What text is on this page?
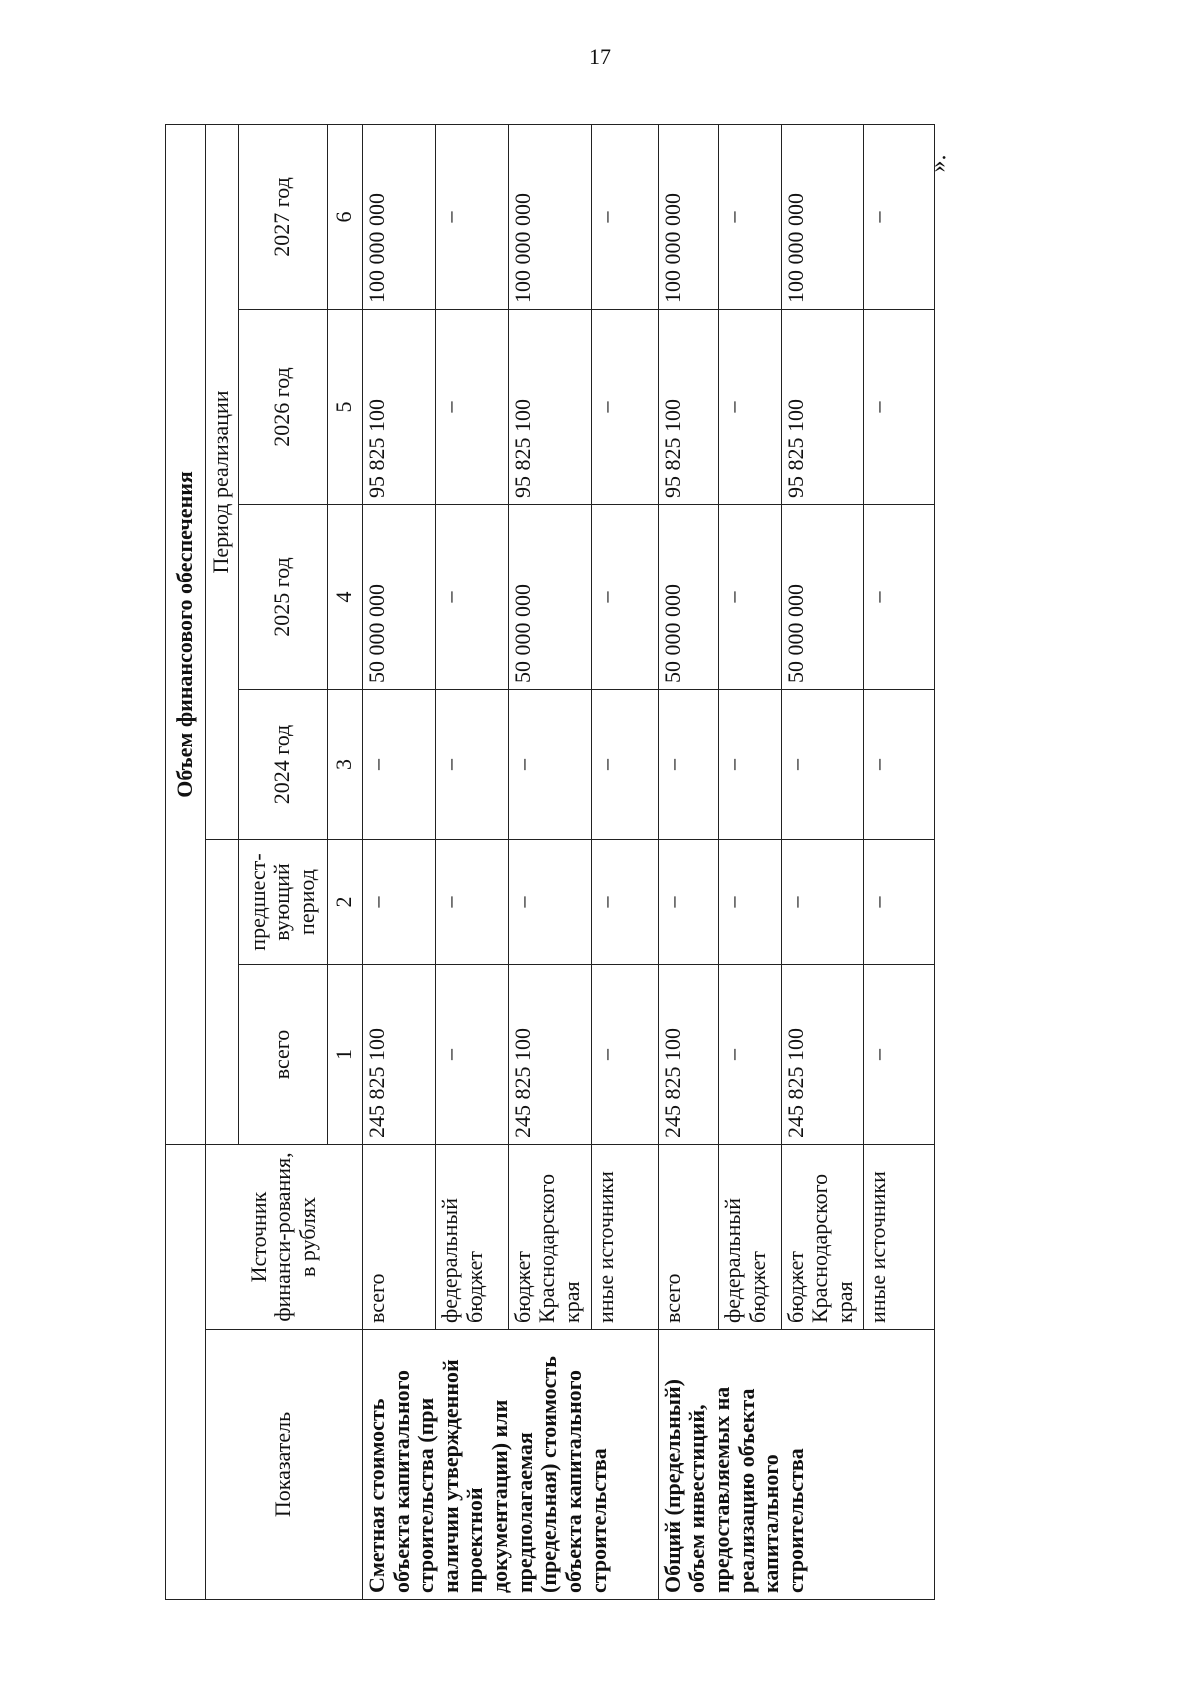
17
».
		Объем финансового обеспечения						
Показатель	Источник финанси-рования, в рублях			Период реализации				
		всего	предшест-вующий период	2024 год	2025 год	2026 год	2027 год	
		1	2	3	4	5	6		
Сметная стоимость объекта капитального строительства (при наличии утвержденной проектной документации) или предполагаемая (предельная) стоимость объекта капитального строительства	всего	245 825 100	–	–	50 000 000	95 825 100	100 000 000	
	федеральный бюджет	–	–	–	–	–	–	
	бюджет Краснодарского края	245 825 100	–	–	50 000 000	95 825 100	100 000 000	
	иные источники	–	–	–	–	–	–	
Общий (предельный) объем инвестиций, предоставляемых на реализацию объекта капитального строительства	всего	245 825 100	–	–	50 000 000	95 825 100	100 000 000	
	федеральный бюджет	–	–	–	–	–	–	
	бюджет Краснодарского края	245 825 100	–	–	50 000 000	95 825 100	100 000 000	
	иные источники	–	–	–	–	–	–	
